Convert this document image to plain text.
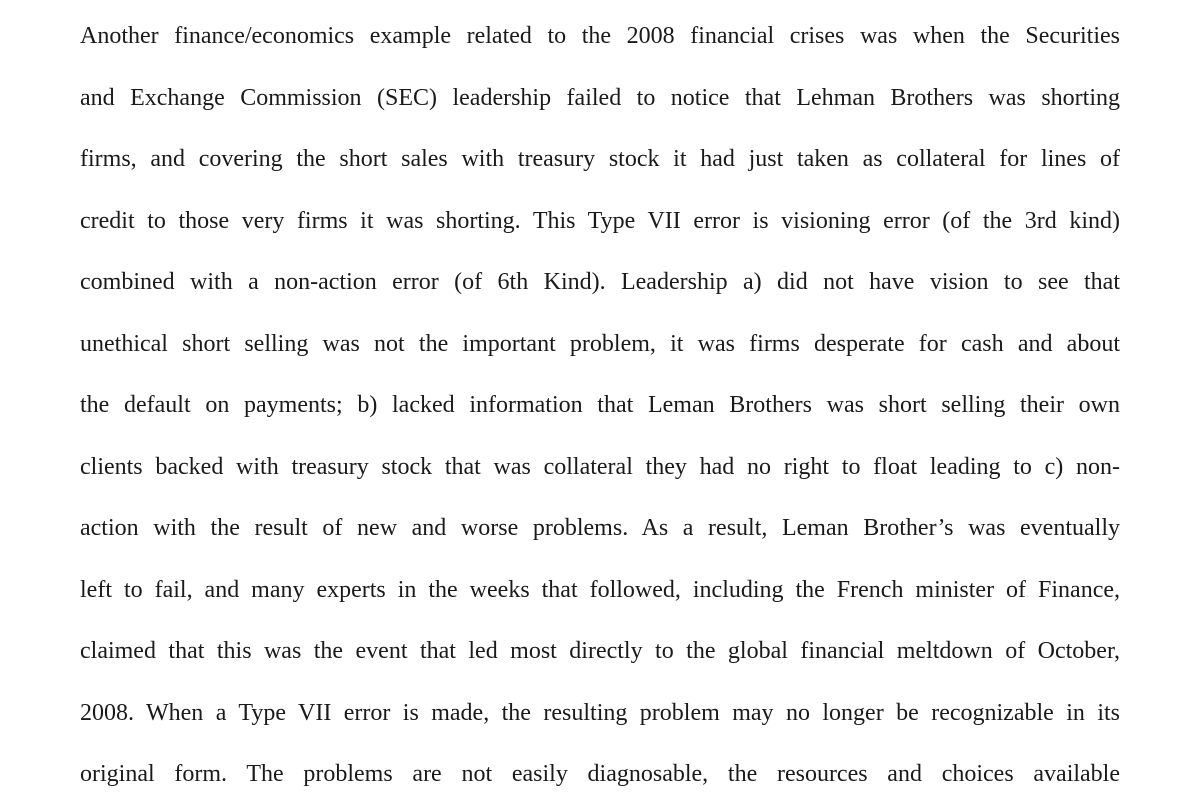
Another finance/economics example related to the 2008 financial crises was when the Securities
and Exchange Commission (SEC) leadership failed to notice that Lehman Brothers was shorting
firms, and covering the short sales with treasury stock it had just taken as collateral for lines of
credit to those very firms it was shorting. This Type VII error is visioning error (of the 3rd kind)
combined with a non-action error (of 6th Kind). Leadership a) did not have vision to see that
unethical short selling was not the important problem, it was firms desperate for cash and about
the default on payments; b) lacked information that Leman Brothers was short selling their own
clients backed with treasury stock that was collateral they had no right to float leading to c) non-
action with the result of new and worse problems. As a result, Leman Brother’s was eventually
left to fail, and many experts in the weeks that followed, including the French minister of Finance,
claimed that this was the event that led most directly to the global financial meltdown of October,
2008. When a Type VII error is made, the resulting problem may no longer be recognizable in its
original form. The problems are not easily diagnosable, the resources and choices available
